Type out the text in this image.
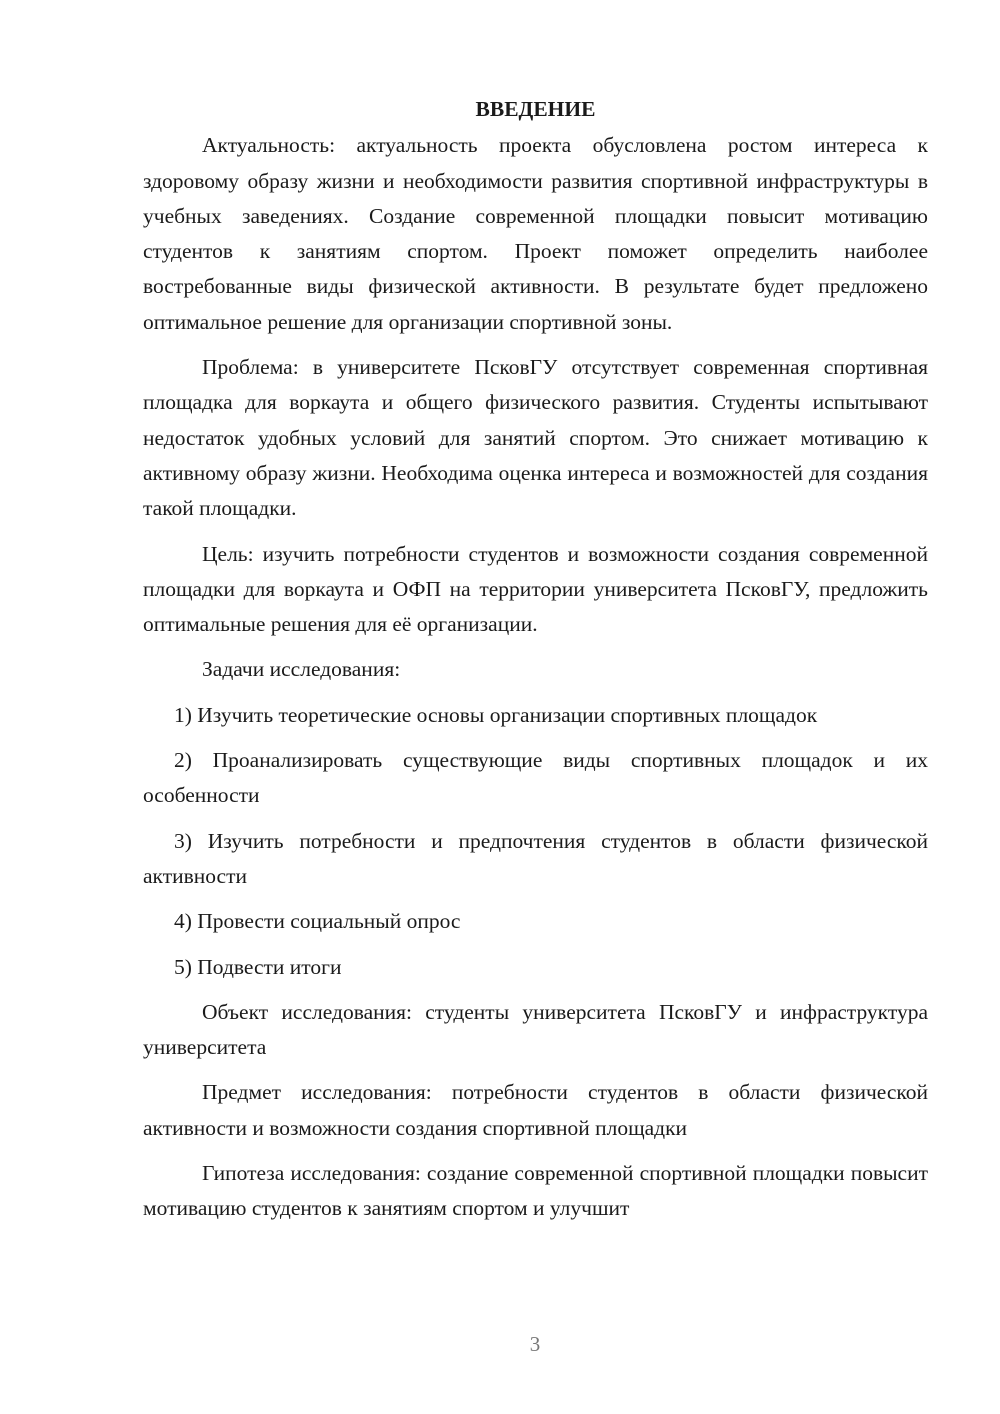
ВВЕДЕНИЕ

Актуальность: актуальность проекта обусловлена ростом интереса к здоровому образу жизни и необходимости развития спортивной инфраструктуры в учебных заведениях. Создание современной площадки повысит мотивацию студентов к занятиям спортом. Проект поможет определить наиболее востребованные виды физической активности. В результате будет предложено оптимальное решение для организации спортивной зоны.

Проблема: в университете ПсковГУ отсутствует современная спортивная площадка для воркаута и общего физического развития. Студенты испытывают недостаток удобных условий для занятий спортом. Это снижает мотивацию к активному образу жизни. Необходима оценка интереса и возможностей для создания такой площадки.

Цель: изучить потребности студентов и возможности создания современной площадки для воркаута и ОФП на территории университета ПсковГУ, предложить оптимальные решения для её организации.

Задачи исследования:

1) Изучить теоретические основы организации спортивных площадок

2) Проанализировать существующие виды спортивных площадок и их особенности

3) Изучить потребности и предпочтения студентов в области физической активности

4) Провести социальный опрос

5) Подвести итоги

Объект исследования: студенты университета ПсковГУ и инфраструктура университета

Предмет исследования: потребности студентов в области физической активности и возможности создания спортивной площадки

Гипотеза исследования: создание современной спортивной площадки повысит мотивацию студентов к занятиям спортом и улучшит

3
